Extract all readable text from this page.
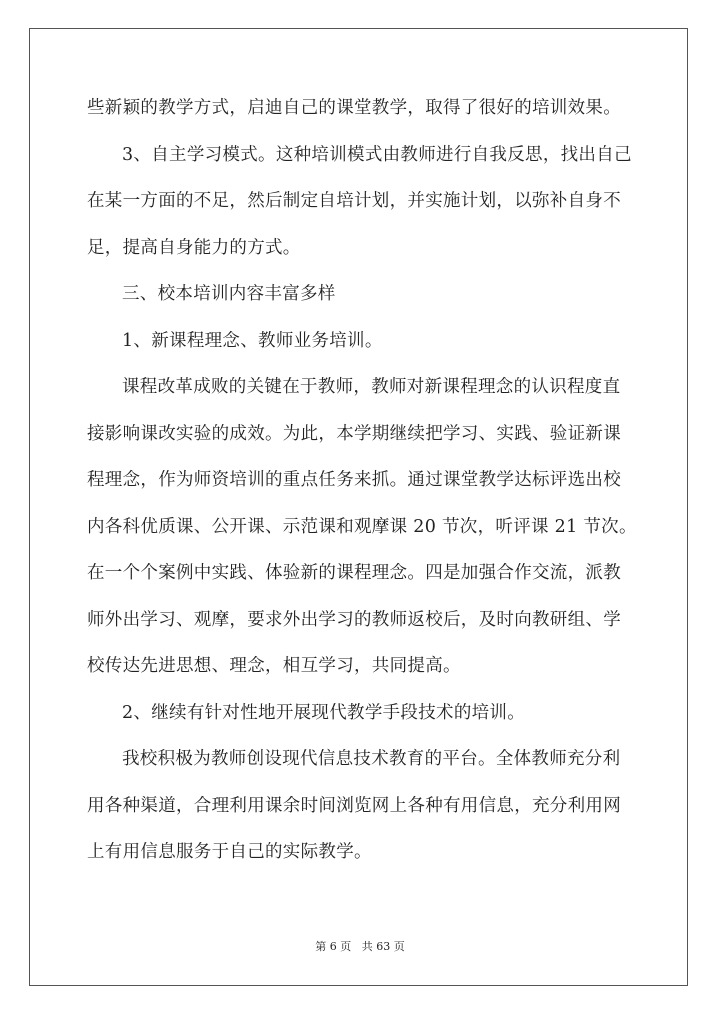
些新颖的教学方式，启迪自己的课堂教学，取得了很好的培训效果。
3、自主学习模式。这种培训模式由教师进行自我反思，找出自己
在某一方面的不足，然后制定自培计划，并实施计划，以弥补自身不
足，提高自身能力的方式。
三、校本培训内容丰富多样
1、新课程理念、教师业务培训。
课程改革成败的关键在于教师，教师对新课程理念的认识程度直
接影响课改实验的成效。为此，本学期继续把学习、实践、验证新课
程理念，作为师资培训的重点任务来抓。通过课堂教学达标评选出校
内各科优质课、公开课、示范课和观摩课 20 节次，听评课 21 节次。
在一个个案例中实践、体验新的课程理念。四是加强合作交流，派教
师外出学习、观摩，要求外出学习的教师返校后，及时向教研组、学
校传达先进思想、理念，相互学习，共同提高。
2、继续有针对性地开展现代教学手段技术的培训。
我校积极为教师创设现代信息技术教育的平台。全体教师充分利
用各种渠道，合理利用课余时间浏览网上各种有用信息，充分利用网
上有用信息服务于自己的实际教学。
第 6 页 共 63 页
